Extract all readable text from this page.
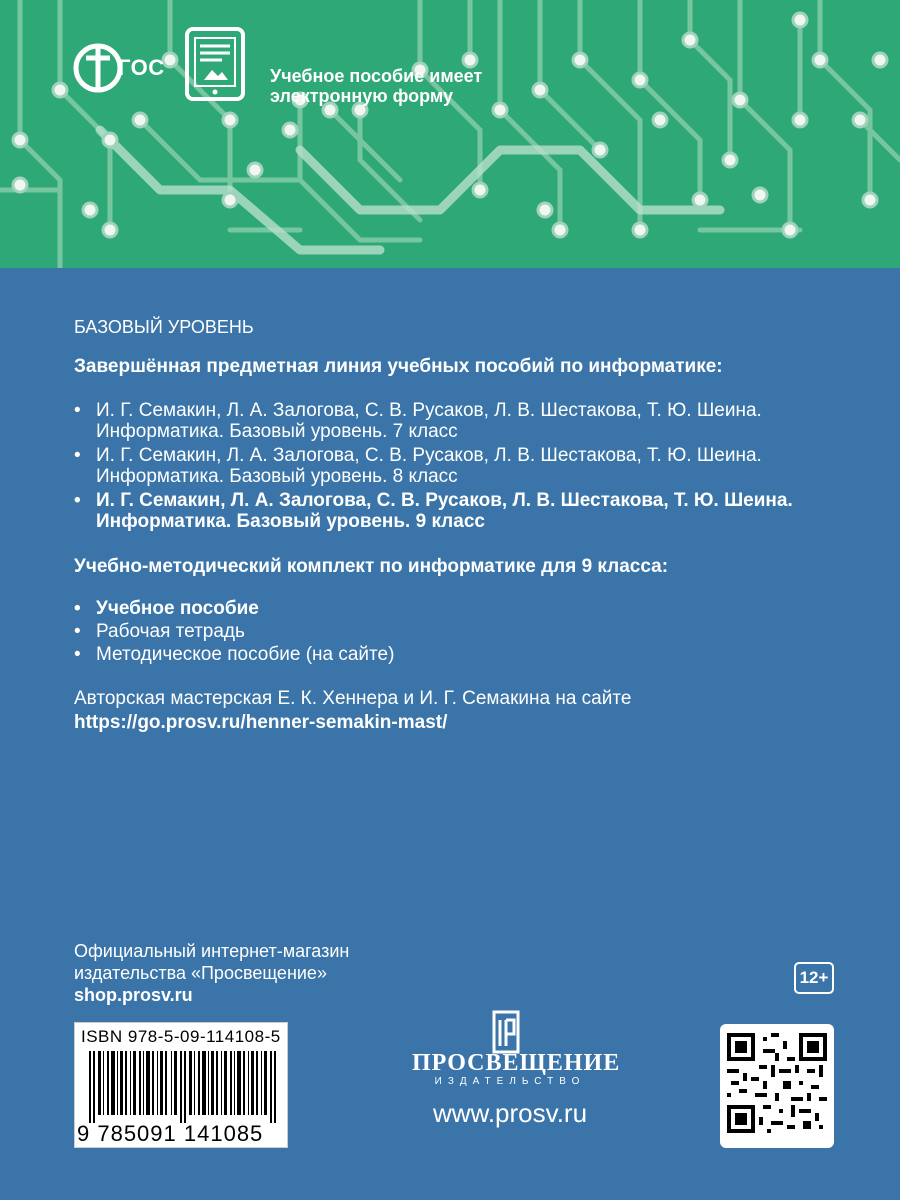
ГОС	Учебное пособие имеет электронную форму
БАЗОВЫЙ УРОВЕНЬ
Завершённая предметная линия учебных пособий по информатике:
• И. Г. Семакин, Л. А. Залогова, С. В. Русаков, Л. В. Шестакова, Т. Ю. Шеина. Информатика. Базовый уровень. 7 класс
• И. Г. Семакин, Л. А. Залогова, С. В. Русаков, Л. В. Шестакова, Т. Ю. Шеина. Информатика. Базовый уровень. 8 класс
• И. Г. Семакин, Л. А. Залогова, С. В. Русаков, Л. В. Шестакова, Т. Ю. Шеина. Информатика. Базовый уровень. 9 класс
Учебно-методический комплект по информатике для 9 класса:
• Учебное пособие
• Рабочая тетрадь
• Методическое пособие (на сайте)
Авторская мастерская Е. К. Хеннера и И. Г. Семакина на сайте
https://go.prosv.ru/henner-semakin-mast/
Официальный интернет-магазин
издательства «Просвещение»
shop.prosv.ru
12+
ISBN 978-5-09-114108-5
9 785091 141085
ПРОСВЕЩЕНИЕ
ИЗДАТЕЛЬСТВО
www.prosv.ru
